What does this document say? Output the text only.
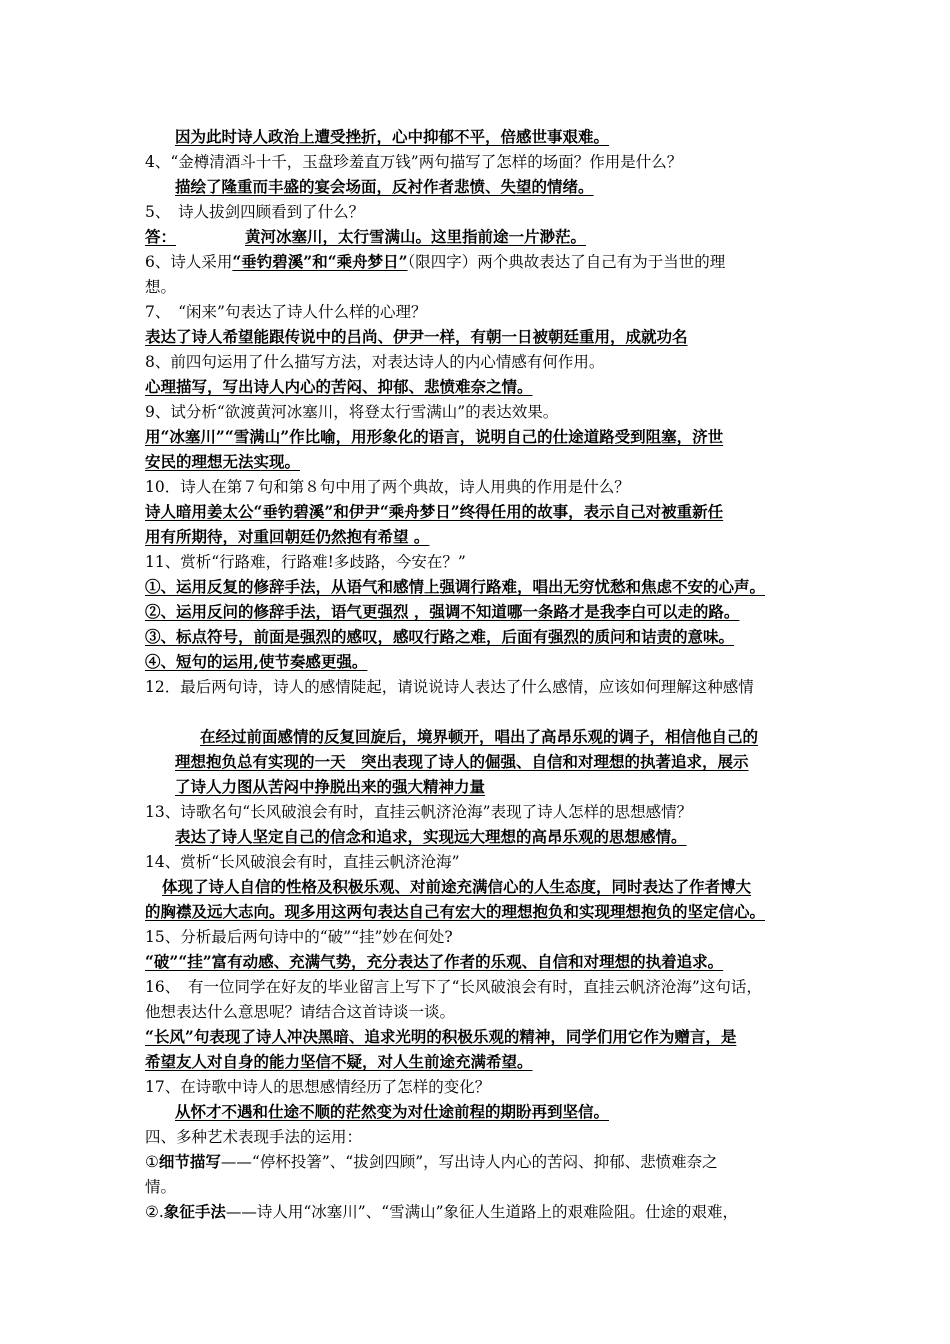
因为此时诗人政治上遭受挫折，心中抑郁不平，倍感世事艰难。
4、“金樽清酒斗十千，玉盘珍羞直万钱”两句描写了怎样的场面？作用是什么？
描绘了隆重而丰盛的宴会场面，反衬作者悲愤、失望的情绪。
5、　诗人拔剑四顾看到了什么？
答：	黄河冰塞川，太行雪满山。这里指前途一片渺茫。
6、诗人采用“垂钓碧溪”和“乘舟梦日”（限四字）两个典故表达了自己有为于当世的理
想。
7、　“闲来”句表达了诗人什么样的心理？
表达了诗人希望能跟传说中的吕尚、伊尹一样，有朝一日被朝廷重用，成就功名
8、前四句运用了什么描写方法，对表达诗人的内心情感有何作用。
心理描写，写出诗人内心的苦闷、抑郁、悲愤难奈之情。
9、试分析“欲渡黄河冰塞川，将登太行雪满山”的表达效果。
用“冰塞川”“雪满山”作比喻，用形象化的语言，说明自己的仕途道路受到阻塞，济世
安民的理想无法实现。
10．诗人在第７句和第８句中用了两个典故，诗人用典的作用是什么？
诗人暗用姜太公“垂钓碧溪”和伊尹“乘舟梦日”终得任用的故事，表示自己对被重新任
用有所期待，对重回朝廷仍然抱有希望 。
11、赏析“行路难，行路难!多歧路，今安在？”
①、运用反复的修辞手法，从语气和感情上强调行路难，唱出无穷忧愁和焦虑不安的心声。
②、运用反问的修辞手法，语气更强烈 ，强调不知道哪一条路才是我李白可以走的路。
③、标点符号，前面是强烈的感叹，感叹行路之难，后面有强烈的质问和诘责的意味。
④、短句的运用,使节奏感更强。
12．最后两句诗，诗人的感情陡起，请说说诗人表达了什么感情，应该如何理解这种感情
在经过前面感情的反复回旋后，境界顿开，唱出了高昂乐观的调子，相信他自己的
理想抱负总有实现的一天　突出表现了诗人的倔强、自信和对理想的执著追求，展示
了诗人力图从苦闷中挣脱出来的强大精神力量
13、诗歌名句“长风破浪会有时，直挂云帆济沧海”表现了诗人怎样的思想感情？
表达了诗人坚定自己的信念和追求，实现远大理想的高昂乐观的思想感情。
14、赏析“长风破浪会有时，直挂云帆济沧海”
体现了诗人自信的性格及积极乐观、对前途充满信心的人生态度，同时表达了作者博大
的胸襟及远大志向。现多用这两句表达自己有宏大的理想抱负和实现理想抱负的坚定信心。
15、分析最后两句诗中的“破”“挂”妙在何处?
“破”“挂”富有动感、充满气势，充分表达了作者的乐观、自信和对理想的执着追求。
16、　有一位同学在好友的毕业留言上写下了“长风破浪会有时，直挂云帆济沧海”这句话，
他想表达什么意思呢？请结合这首诗谈一谈。
“长风”句表现了诗人冲决黑暗、追求光明的积极乐观的精神，同学们用它作为赠言，是
希望友人对自身的能力坚信不疑，对人生前途充满希望。
17、在诗歌中诗人的思想感情经历了怎样的变化？
从怀才不遇和仕途不顺的茫然变为对仕途前程的期盼再到坚信。
四、多种艺术表现手法的运用：
①细节描写——“停杯投箸”、“拔剑四顾”，写出诗人内心的苦闷、抑郁、悲愤难奈之
情。
②.象征手法——诗人用“冰塞川”、“雪满山”象征人生道路上的艰难险阻。仕途的艰难，
